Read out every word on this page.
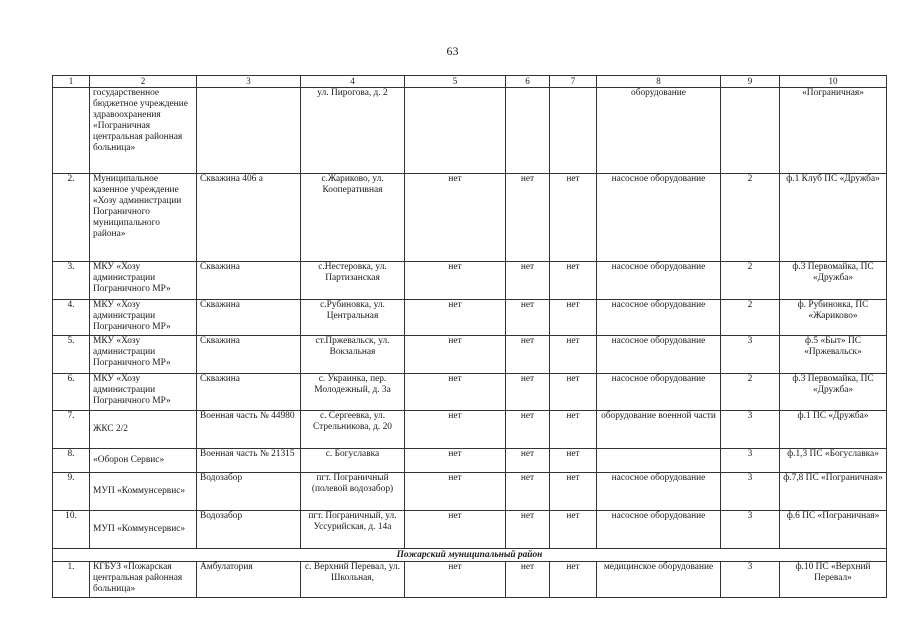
63
1	2	3	4	5	6	7	8	9	10
	государственное бюджетное учреждение здравоохранения «Пограничная центральная районная больница»		ул. Пирогова, д. 2				оборудование		«Пограничная»
2.	Муниципальное казенное учреждение «Хозу администрации Пограничного муниципального района»	Скважина 406 а	с.Жариково, ул. Кооперативная	нет	нет	нет	насосное оборудование	2	ф.1 Клуб ПС «Дружба»
3.	МКУ «Хозу администрации Пограничного МР»	Скважина	с.Нестеровка, ул. Партизанская	нет	нет	нет	насосное оборудование	2	ф.3 Первомайка, ПС «Дружба»
4.	МКУ «Хозу администрации Пограничного МР»	Скважина	с.Рубиновка, ул. Центральная	нет	нет	нет	насосное оборудование	2	ф. Рубиновка, ПС «Жариково»
5.	МКУ «Хозу администрации Пограничного МР»	Скважина	ст.Пржевальск, ул. Вокзальная	нет	нет	нет	насосное оборудование	3	ф.5 «Быт» ПС «Пржевальск»
6.	МКУ «Хозу администрации Пограничного МР»	Скважина	с. Украинка, пер. Молодежный, д. 3а	нет	нет	нет	насосное оборудование	2	ф.3 Первомайка, ПС «Дружба»
7.	ЖКС 2/2	Военная часть № 44980	с. Сергеевка, ул. Стрельникова, д. 20	нет	нет	нет	оборудование военной части	3	ф.1 ПС «Дружба»
8.	«Оборон Сервис»	Военная часть № 21315	с. Богуславка	нет	нет	нет		3	ф.1,3 ПС «Богуславка»
9.	МУП «Коммунсервис»	Водозабор	пгт. Пограничный (полевой водозабор)	нет	нет	нет	насосное оборудование	3	ф.7,8 ПС «Пограничная»
10.	МУП «Коммунсервис»	Водозабор	пгт. Пограничный, ул. Уссурийская, д. 14а	нет	нет	нет	насосное оборудование	3	ф.6 ПС «Пограничная»
Пожарский муниципальный район									
1.	КГБУЗ «Пожарская центральная районная больница»	Амбулатория	с. Верхний Перевал, ул. Школьная,	нет	нет	нет	медицинское оборудование	3	ф.10 ПС «Верхний Перевал»
